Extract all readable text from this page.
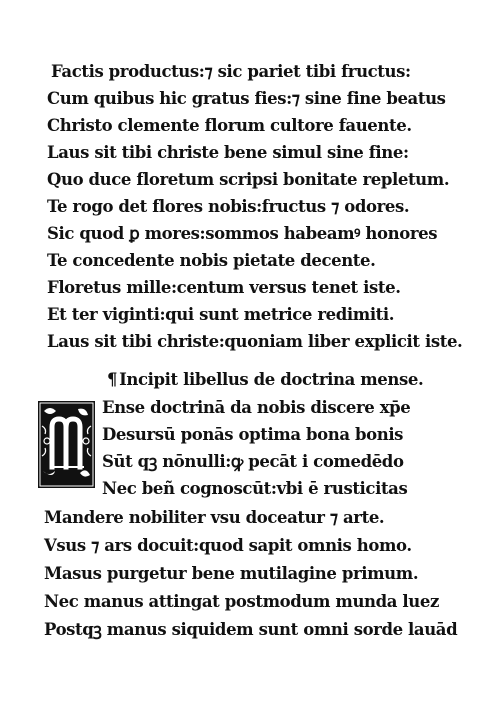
Factis productus:⁊ sic pariet tibi fructus:
Cum quibus hic gratus fies:⁊ sine fine beatus
Christo clemente florum cultore fauente.
Laus sit tibi christe bene simul sine fine:
Quo duce floretum scripsi bonitate repletum.
Te rogo det flores nobis:fructus ⁊ odores.
Sic quod ꝑ mores:sommos habeamꝰ honores
Te concedente nobis pietate decente.
Floretus mille:centum versus tenet iste.
Et ter viginti:qui sunt metrice redimiti.
Laus sit tibi christe:quoniam liber explicit iste.
¶ Incipit libellus de doctrina mense.
M
Ense doctrinā da nobis discere xp̄e
Desursū ponās optima bona bonis
Sūt qꝫ nōnulli:ꝙ pecāt i comedēdo
Nec beñ cognoscūt:vbi ē rusticitas
Mandere nobiliter vsu doceatur ⁊ arte.
Vsus ⁊ ars docuit:quod sapit omnis homo.
Masus purgetur bene mutilagine primum.
Nec manus attingat postmodum munda luez
Postqꝫ manus siquidem sunt omni sorde lauād
